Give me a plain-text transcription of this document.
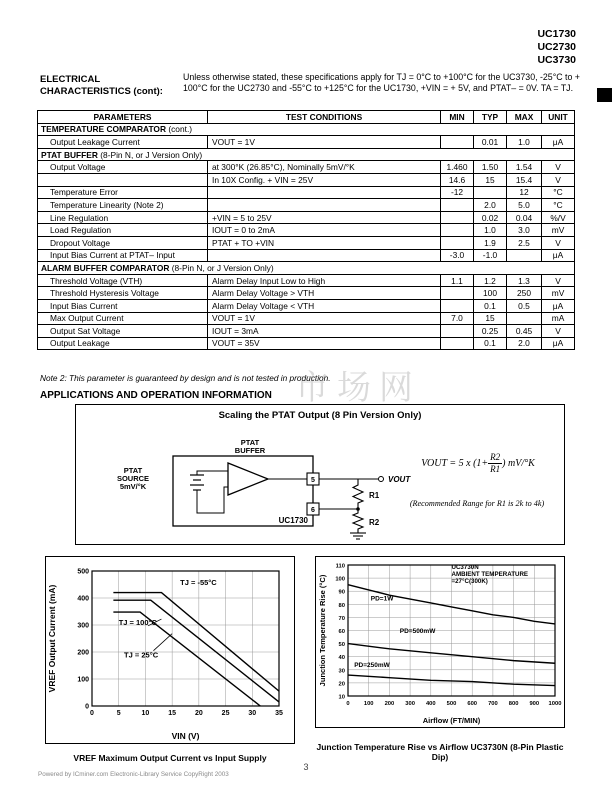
UC1730
UC2730
UC3730
ELECTRICAL
CHARACTERISTICS (cont):
Unless otherwise stated, these specifications apply for TJ = 0°C to +100°C for the UC3730, -25°C to + 100°C for the UC2730 and -55°C to +125°C for the UC1730, +VIN = + 5V, and PTAT– = 0V. TA = TJ.
PARAMETERS	TEST CONDITIONS	MIN	TYP	MAX	UNIT
TEMPERATURE COMPARATOR (cont.)					
Output Leakage Current	VOUT = 1V		0.01	1.0	μA
PTAT BUFFER (8-Pin N, or J Version Only)					
Output Voltage	at 300°K (26.85°C), Nominally 5mV/°K	1.460	1.50	1.54	V
	In 10X Config. + VIN = 25V	14.6	15	15.4	V
Temperature Error		-12		12	°C
Temperature Linearity (Note 2)			2.0	5.0	°C
Line Regulation	+VIN = 5 to 25V		0.02	0.04	%/V
Load Regulation	IOUT = 0 to 2mA		1.0	3.0	mV
Dropout Voltage	PTAT + TO +VIN		1.9	2.5	V
Input Bias Current at PTAT– Input		-3.0	-1.0		μA
ALARM BUFFER COMPARATOR (8-Pin N, or J Version Only)					
Threshold Voltage (VTH)	Alarm Delay Input Low to High	1.1	1.2	1.3	V
Threshold Hysteresis Voltage	Alarm Delay Voltage > VTH		100	250	mV
Input Bias Current	Alarm Delay Voltage < VTH		0.1	0.5	μA
Max Output Current	VOUT = 1V	7.0	15		mA
Output Sat Voltage	IOUT = 3mA		0.25	0.45	V
Output Leakage	VOUT = 35V		0.1	2.0	μA
Note 2: This parameter is guaranteed by design and is not tested in production.
APPLICATIONS AND OPERATION INFORMATION
Scaling the PTAT Output (8 Pin Version Only)
PTAT
SOURCE
5mV/°K
PTAT
BUFFER
5
6
VOUT
R1
R2
UC1730
VOUT = 5 x ($1+ \frac{R2}{R1}$ ) mV/°K
(Recommended Range for R1 is 2k to 4k)
0	5	10	15	20	25	30	35
0
100
200
300
400
500
TJ = -55°C
TJ = 25°C
TJ = 100°C
VIN (V)
VREF Output Current (mA)
0 100 200 300 400 500 600 700 800 900 1000
10
20
30
40
50
60
70
80
90
100
110
PD=1W
PD=500mW
PD=250mW
Airflow (FT/MIN)
Junction Temperature Rise (°C)
UC3730N
AMBIENT TEMPERATURE
=27°C(300K)
VREF Maximum Output Current vs Input Supply
Junction Temperature Rise vs Airflow UC3730N (8-Pin Plastic Dip)
市场网
Powered by ICminer.com Electronic-Library Service CopyRight 2003
3
